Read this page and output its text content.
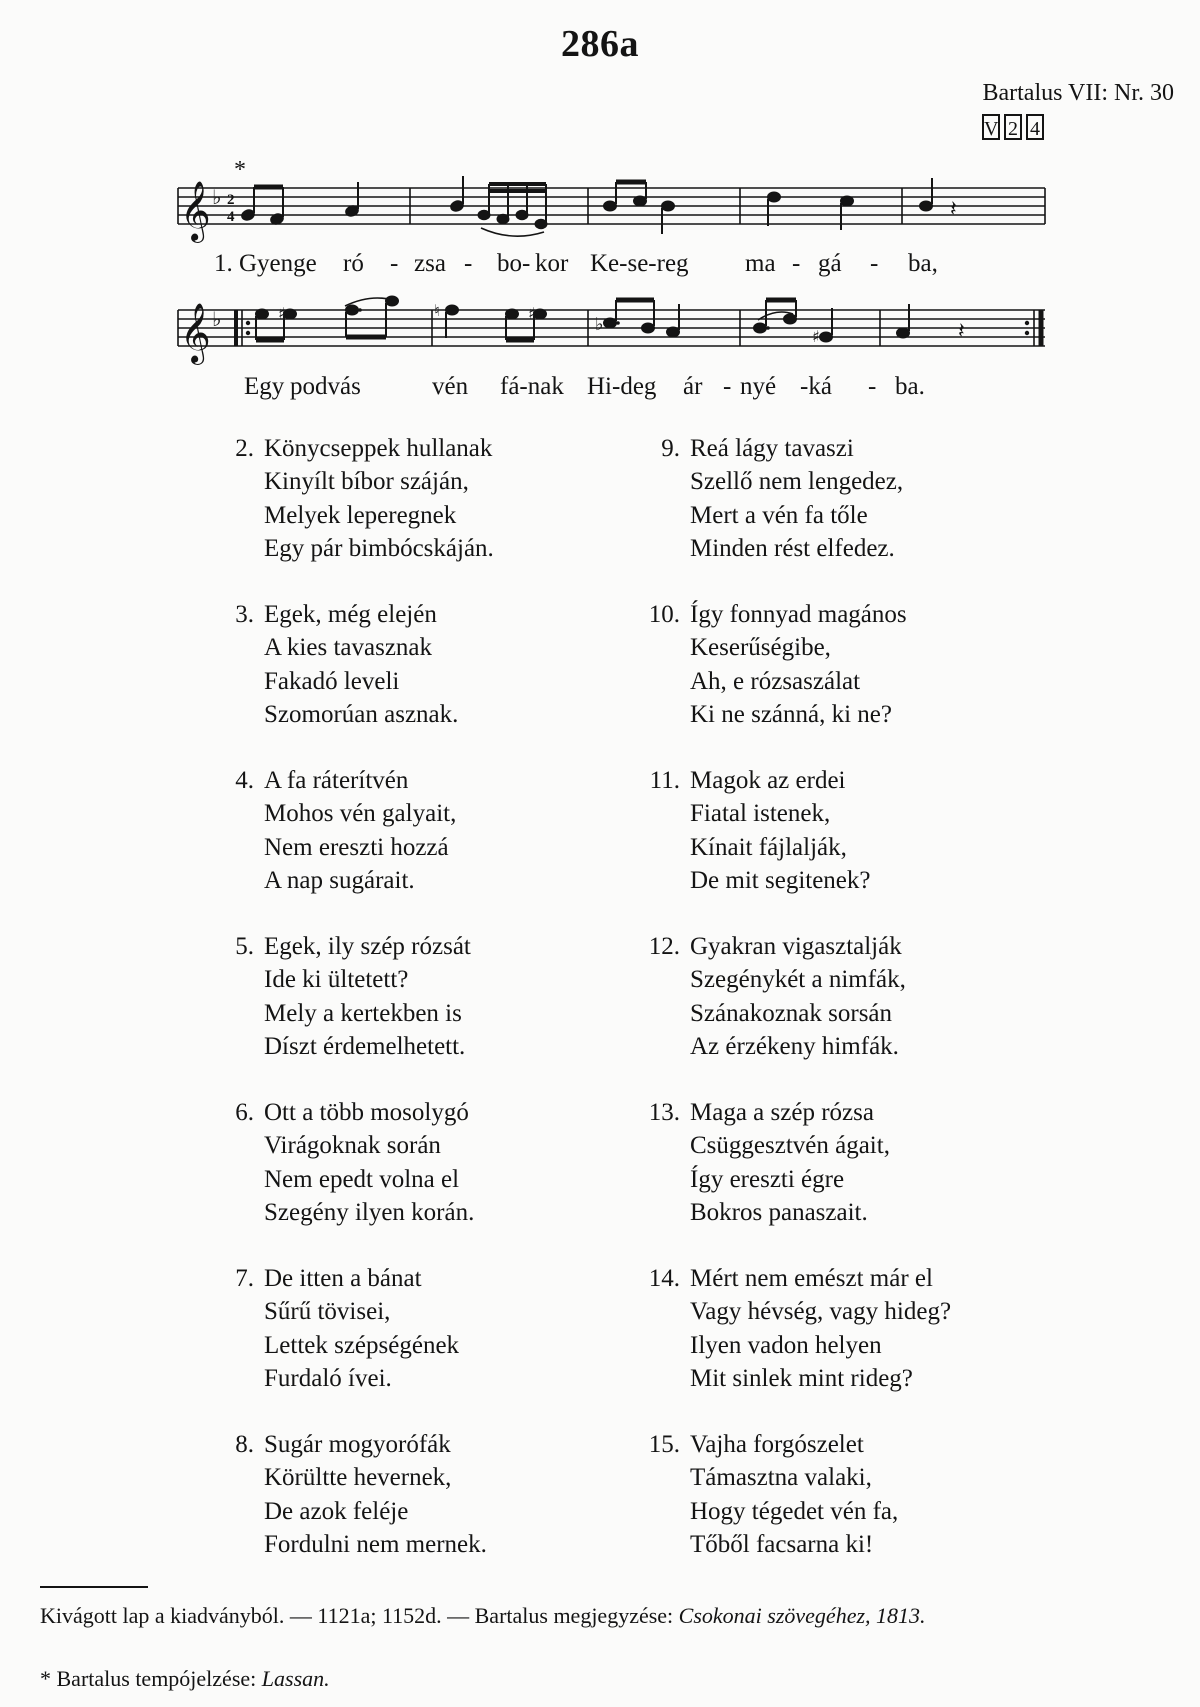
286a
Bartalus VII: Nr. 30
V 2 4
*
𝄞 ♭ 2
4	𝄽
1. Gyenge ró - zsa - bo- kor Ke-se-reg ma - gá - ba,
𝄞 ♭	♯	♮	♯
♭
♯	𝄽
Egy podvás	vén fá-nak Hi-deg ár - nyé -ká - ba.
2. Könycseppek hullanak
Kinyílt bíbor száján,
Melyek leperegnek
Egy pár bimbócskáján.
3. Egek, még elején
A kies tavasznak
Fakadó leveli
Szomorúan asznak.
4. A fa ráterítvén
Mohos vén galyait,
Nem ereszti hozzá
A nap sugárait.
5. Egek, ily szép rózsát
Ide ki ültetett?
Mely a kertekben is
Díszt érdemelhetett.
6. Ott a több mosolygó
Virágoknak során
Nem epedt volna el
Szegény ilyen korán.
7. De itten a bánat
Sűrű tövisei,
Lettek szépségének
Furdaló ívei.
8. Sugár mogyorófák
Körültte hevernek,
De azok feléje
Fordulni nem mernek.
9. Reá lágy tavaszi
Szellő nem lengedez,
Mert a vén fa tőle
Minden rést elfedez.
10. Így fonnyad magános
Keserűségibe,
Ah, e rózsaszálat
Ki ne szánná, ki ne?
11. Magok az erdei
Fiatal istenek,
Kínait fájlalják,
De mit segitenek?
12. Gyakran vigasztalják
Szegénykét a nimfák,
Szánakoznak sorsán
Az érzékeny himfák.
13. Maga a szép rózsa
Csüggesztvén ágait,
Így ereszti égre
Bokros panaszait.
14. Mért nem emészt már el
Vagy hévség, vagy hideg?
Ilyen vadon helyen
Mit sinlek mint rideg?
15. Vajha forgószelet
Támasztna valaki,
Hogy tégedet vén fa,
Tőből facsarna ki!
Kivágott lap a kiadványból. — 1121a; 1152d. — Bartalus megjegyzése: Csokonai szövegéhez, 1813.
* Bartalus tempójelzése: Lassan.
